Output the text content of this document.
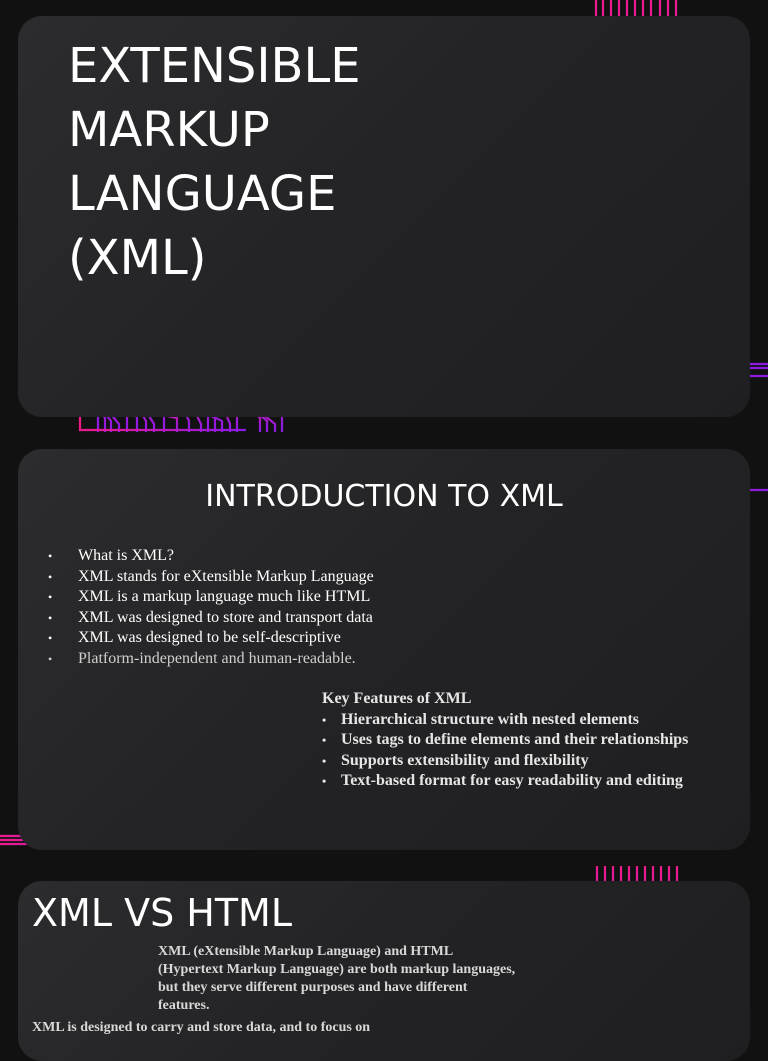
EXTENSIBLE
MARKUP
LANGUAGE
(XML)
INTRODUCTION TO XML
• What is XML?
• XML stands for eXtensible Markup Language
• XML is a markup language much like HTML
• XML was designed to store and transport data
• XML was designed to be self-descriptive
• Platform-independent and human-readable.
Key Features of XML
• Hierarchical structure with nested elements
• Uses tags to define elements and their relationships
• Supports extensibility and flexibility
• Text-based format for easy readability and editing
XML VS HTML

XML (eXtensible Markup Language) and HTML (Hypertext Markup Language) are both markup languages, but they serve different purposes and have different features.

XML is designed to carry and store data, and to focus on
